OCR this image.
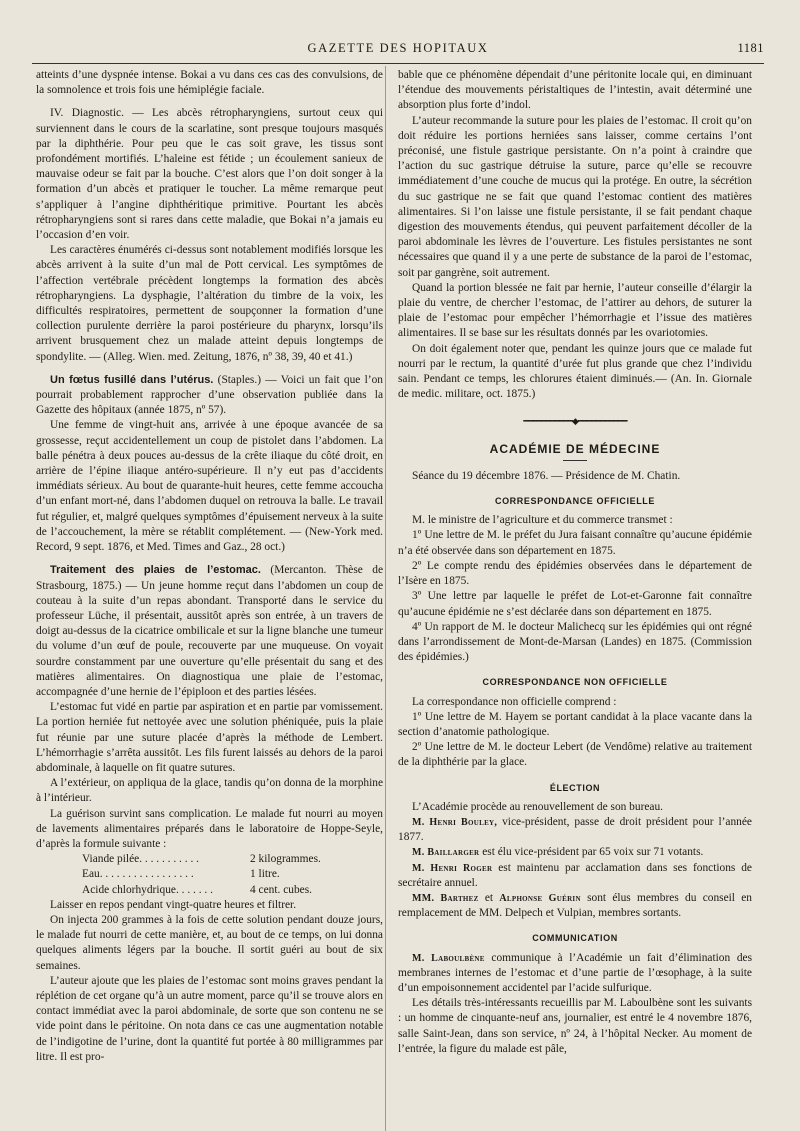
GAZETTE DES HOPITAUX	1181

atteints d’une dyspnée intense. Bokai a vu dans ces cas des convulsions, de la somnolence et trois fois une hémiplégie faciale.

IV. Diagnostic. — Les abcès rétropharyngiens, surtout ceux qui surviennent dans le cours de la scarlatine, sont presque toujours masqués par la diphthérie. Pour peu que le cas soit grave, les tissus sont profondément mortifiés. L’haleine est fétide ; un écoulement sanieux de mauvaise odeur se fait par la bouche. C’est alors que l’on doit songer à la formation d’un abcès et pratiquer le toucher. La même remarque peut s’appliquer à l’angine diphthéritique primitive. Pourtant les abcès rétropharyngiens sont si rares dans cette maladie, que Bokai n’a jamais eu l’occasion d’en voir.

Les caractères énumérés ci-dessus sont notablement modifiés lorsque les abcès arrivent à la suite d’un mal de Pott cervical. Les symptômes de l’affection vertébrale précèdent longtemps la formation des abcès rétropharyngiens. La dysphagie, l’altération du timbre de la voix, les difficultés respiratoires, permettent de soupçonner la formation d’une collection purulente derrière la paroi postérieure du pharynx, lorsqu’ils arrivent brusquement chez un malade atteint depuis longtemps de spondylite. — (Alleg. Wien. med. Zeitung, 1876, nº 38, 39, 40 et 41.)

Un fœtus fusillé dans l’utérus. (Staples.) — Voici un fait que l’on pourrait probablement rapprocher d’une observation publiée dans la Gazette des hôpitaux (année 1875, nº 57).

Une femme de vingt-huit ans, arrivée à une époque avancée de sa grossesse, reçut accidentellement un coup de pistolet dans l’abdomen. La balle pénétra à deux pouces au-dessus de la crête iliaque du côté droit, en arrière de l’épine iliaque antéro-supérieure. Il n’y eut pas d’accidents immédiats sérieux. Au bout de quarante-huit heures, cette femme accoucha d’un enfant mort-né, dans l’abdomen duquel on retrouva la balle. Le travail fut régulier, et, malgré quelques symptômes d’épuisement nerveux à la suite de l’accouchement, la mère se rétablit complétement. — (New-York med. Record, 9 sept. 1876, et Med. Times and Gaz., 28 oct.)

Traitement des plaies de l’estomac. (Mercanton. Thèse de Strasbourg, 1875.) — Un jeune homme reçut dans l’abdomen un coup de couteau à la suite d’un repas abondant. Transporté dans le service du professeur Lüche, il présentait, aussitôt après son entrée, à un travers de doigt au-dessus de la cicatrice ombilicale et sur la ligne blanche une tumeur du volume d’un œuf de poule, recouverte par une muqueuse. On voyait sourdre constamment par une ouverture qu’elle présentait du sang et des matières alimentaires. On diagnostiqua une plaie de l’estomac, accompagnée d’une hernie de l’épiploon et des parties lésées.

L’estomac fut vidé en partie par aspiration et en partie par vomissement. La portion herniée fut nettoyée avec une solution phéniquée, puis la plaie fut réunie par une suture placée d’après la méthode de Lembert. L’hémorrhagie s’arrêta aussitôt. Les fils furent laissés au dehors de la paroi abdominale, à laquelle on fit quatre sutures.

A l’extérieur, on appliqua de la glace, tandis qu’on donna de la morphine à l’intérieur.

La guérison survint sans complication. Le malade fut nourri au moyen de lavements alimentaires préparés dans le laboratoire de Hoppe-Seyle, d’après la formule suivante :

Viande pilée. . . . . . . . . . .	2 kilogrammes.
Eau. . . . . . . . . . . . . . . . .	1 litre.
Acide chlorhydrique. . . . . . .	4 cent. cubes.

Laisser en repos pendant vingt-quatre heures et filtrer.

On injecta 200 grammes à la fois de cette solution pendant douze jours, le malade fut nourri de cette manière, et, au bout de ce temps, on lui donna quelques aliments légers par la bouche. Il sortit guéri au bout de six semaines.

L’auteur ajoute que les plaies de l’estomac sont moins graves pendant la réplétion de cet organe qu’à un autre moment, parce qu’il se trouve alors en contact immédiat avec la paroi abdominale, de sorte que son contenu ne se vide point dans le péritoine. On nota dans ce cas une augmentation notable de l’indigotine de l’urine, dont la quantité fut portée à 80 milligrammes par litre. Il est pro-

bable que ce phénomène dépendait d’une péritonite locale qui, en diminuant l’étendue des mouvements péristaltiques de l’intestin, avait déterminé une absorption plus forte d’indol.

L’auteur recommande la suture pour les plaies de l’estomac. Il croit qu’on doit réduire les portions herniées sans laisser, comme certains l’ont préconisé, une fistule gastrique persistante. On n’a point à craindre que l’action du suc gastrique détruise la suture, parce qu’elle se recouvre immédiatement d’une couche de mucus qui la protége. En outre, la sécrétion du suc gastrique ne se fait que quand l’estomac contient des matières alimentaires. Si l’on laisse une fistule persistante, il se fait pendant chaque digestion des mouvements étendus, qui peuvent parfaitement décoller de la paroi abdominale les lèvres de l’ouverture. Les fistules persistantes ne sont nécessaires que quand il y a une perte de substance de la paroi de l’estomac, soit par gangrène, soit autrement.

Quand la portion blessée ne fait par hernie, l’auteur conseille d’élargir la plaie du ventre, de chercher l’estomac, de l’attirer au dehors, de suturer la plaie de l’estomac pour empêcher l’hémorrhagie et l’issue des matières alimentaires. Il se base sur les résultats donnés par les ovariotomies.

On doit également noter que, pendant les quinze jours que ce malade fut nourri par le rectum, la quantité d’urée fut plus grande que chez l’individu sain. Pendant ce temps, les chlorures étaient diminués.— (An. In. Giornale de medic. militare, oct. 1875.)

━━━━━━━━━━━◆━━━━━━━━━━━
ACADÉMIE DE MÉDECINE

Séance du 19 décembre 1876. — Présidence de M. Chatin.

CORRESPONDANCE OFFICIELLE

M. le ministre de l’agriculture et du commerce transmet :

1º Une lettre de M. le préfet du Jura faisant connaître qu’aucune épidémie n’a été observée dans son département en 1875.

2º Le compte rendu des épidémies observées dans le département de l’Isère en 1875.

3º Une lettre par laquelle le préfet de Lot-et-Garonne fait connaître qu’aucune épidémie ne s’est déclarée dans son département en 1875.

4º Un rapport de M. le docteur Malichecq sur les épidémies qui ont régné dans l’arrondissement de Mont-de-Marsan (Landes) en 1875. (Commission des épidémies.)

CORRESPONDANCE NON OFFICIELLE

La correspondance non officielle comprend :

1º Une lettre de M. Hayem se portant candidat à la place vacante dans la section d’anatomie pathologique.

2º Une lettre de M. le docteur Lebert (de Vendôme) relative au traitement de la diphthérie par la glace.

ÉLECTION

L’Académie procède au renouvellement de son bureau.

M. Henri Bouley, vice-président, passe de droit président pour l’année 1877.

M. Baillarger est élu vice-président par 65 voix sur 71 votants.

M. Henri Roger est maintenu par acclamation dans ses fonctions de secrétaire annuel.

MM. Barthez et Alphonse Guérin sont élus membres du conseil en remplacement de MM. Delpech et Vulpian, membres sortants.

COMMUNICATION

M. Laboulbène communique à l’Académie un fait d’élimination des membranes internes de l’estomac et d’une partie de l’œsophage, à la suite d’un empoisonnement accidentel par l’acide sulfurique.

Les détails très-intéressants recueillis par M. Laboulbène sont les suivants : un homme de cinquante-neuf ans, journalier, est entré le 4 novembre 1876, salle Saint-Jean, dans son service, nº 24, à l’hôpital Necker. Au moment de l’entrée, la figure du malade est pâle,
